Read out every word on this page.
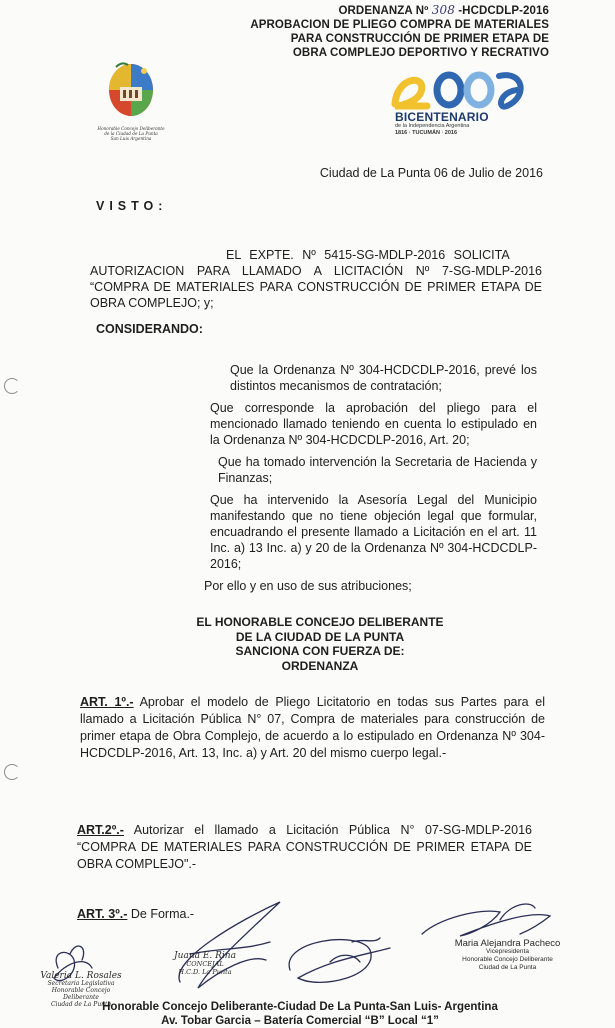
ORDENANZA Nº 308 -HCDCDLP-2016
APROBACION DE PLIEGO COMPRA DE MATERIALES
PARA CONSTRUCCIÓN DE PRIMER ETAPA DE
OBRA COMPLEJO DEPORTIVO Y RECRATIVO
Honorable Concejo Deliberante
de la Ciudad de La Punta
San Luis Argentina
BICENTENARIO
de la Independencia Argentina
1816 · TUCUMÁN · 2016
Ciudad de La Punta 06 de Julio de 2016
VISTO:
EL EXPTE. Nº 5415-SG-MDLP-2016 SOLICITA
AUTORIZACION PARA LLAMADO A LICITACIÓN Nº 7-SG-MDLP-2016 “COMPRA DE MATERIALES PARA CONSTRUCCIÓN DE PRIMER ETAPA DE OBRA COMPLEJO; y;
CONSIDERANDO:

Que la Ordenanza Nº 304-HCDCDLP-2016, prevé los distintos mecanismos de contratación;

Que corresponde la aprobación del pliego para el mencionado llamado teniendo en cuenta lo estipulado en la Ordenanza Nº 304-HCDCDLP-2016, Art. 20;

Que ha tomado intervención la Secretaria de Hacienda y Finanzas;

Que ha intervenido la Asesoría Legal del Municipio manifestando que no tiene objeción legal que formular, encuadrando el presente llamado a Licitación en el art. 11 Inc. a) 13 Inc. a) y 20 de la Ordenanza Nº 304-HCDCDLP-2016;

Por ello y en uso de sus atribuciones;

EL HONORABLE CONCEJO DELIBERANTE
DE LA CIUDAD DE LA PUNTA
SANCIONA CON FUERZA DE:
ORDENANZA
ART. 1º.- Aprobar el modelo de Pliego Licitatorio en todas sus Partes para el llamado a Licitación Pública N° 07, Compra de materiales para construcción de primer etapa de Obra Complejo, de acuerdo a lo estipulado en Ordenanza Nº 304-HCDCDLP-2016, Art. 13, Inc. a) y Art. 20 del mismo cuerpo legal.-
ART.2º.- Autorizar el llamado a Licitación Pública N° 07-SG-MDLP-2016 “COMPRA DE MATERIALES PARA CONSTRUCCIÓN DE PRIMER ETAPA DE OBRA COMPLEJO".-
ART. 3º.- De Forma.-
Valeria L. Rosales
Secretaria Legislativa
Honorable Concejo Deliberante
Ciudad de La Punta
Juana E. Rina
CONCEJAL
H.C.D. La Punta
Maria Alejandra Pacheco
Vicepresidenta
Honorable Concejo Deliberante
Ciudad de La Punta
Honorable Concejo Deliberante-Ciudad De La Punta-San Luis- Argentina
Av. Tobar Garcia – Batería Comercial “B” Local “1”
